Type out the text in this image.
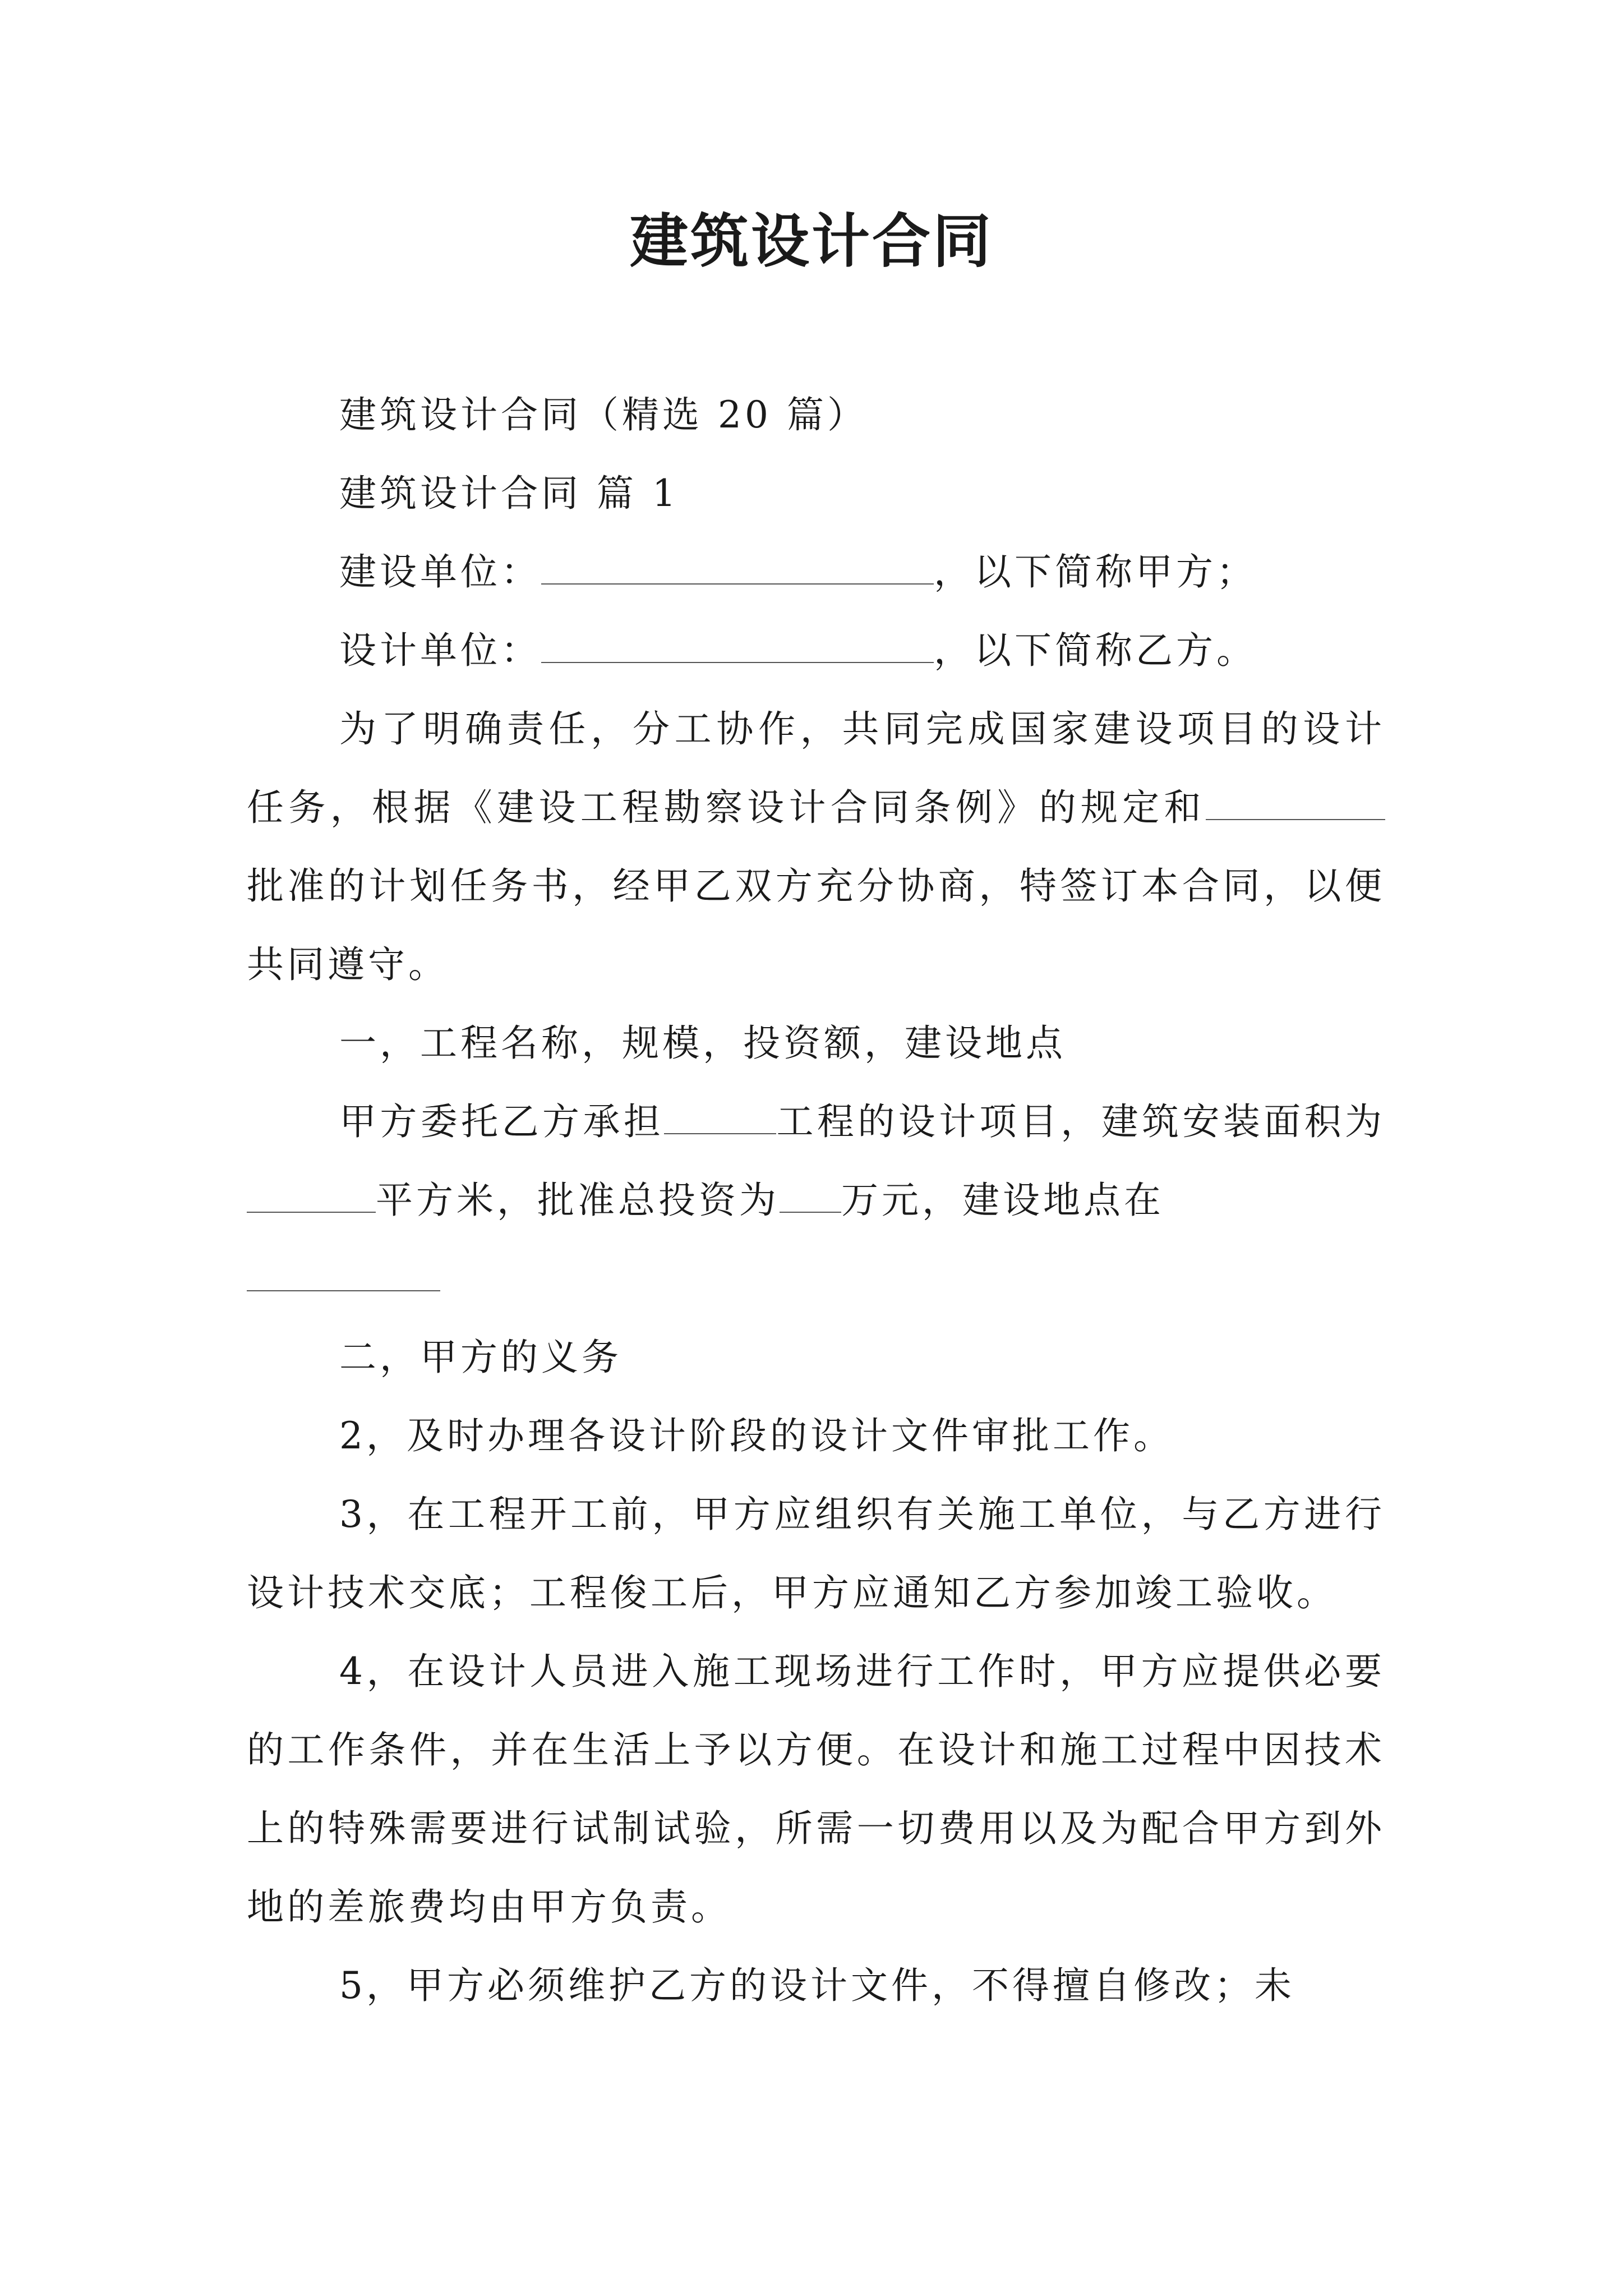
建筑设计合同

建筑设计合同（精选 20 篇）

建筑设计合同 篇 1

建设单位：	，以下简称甲方；

设计单位：	，以下简称乙方。

为了明确责任，分工协作，共同完成国家建设项目的设计任务，根据《建设工程勘察设计合同条例》的规定和批准的计划任务书，经甲乙双方充分协商，特签订本合同，以便共同遵守。

一，工程名称，规模，投资额，建设地点

甲方委托乙方承担	工程的设计项目，建筑安装面积为平方米，批准总投资为 万元，建设地点在

二，甲方的义务

2，及时办理各设计阶段的设计文件审批工作。

3，在工程开工前，甲方应组织有关施工单位，与乙方进行设计技术交底；工程俊工后，甲方应通知乙方参加竣工验收。

4，在设计人员进入施工现场进行工作时，甲方应提供必要的工作条件，并在生活上予以方便。在设计和施工过程中因技术上的特殊需要进行试制试验，所需一切费用以及为配合甲方到外地的差旅费均由甲方负责。

5，甲方必须维护乙方的设计文件，不得擅自修改；未
